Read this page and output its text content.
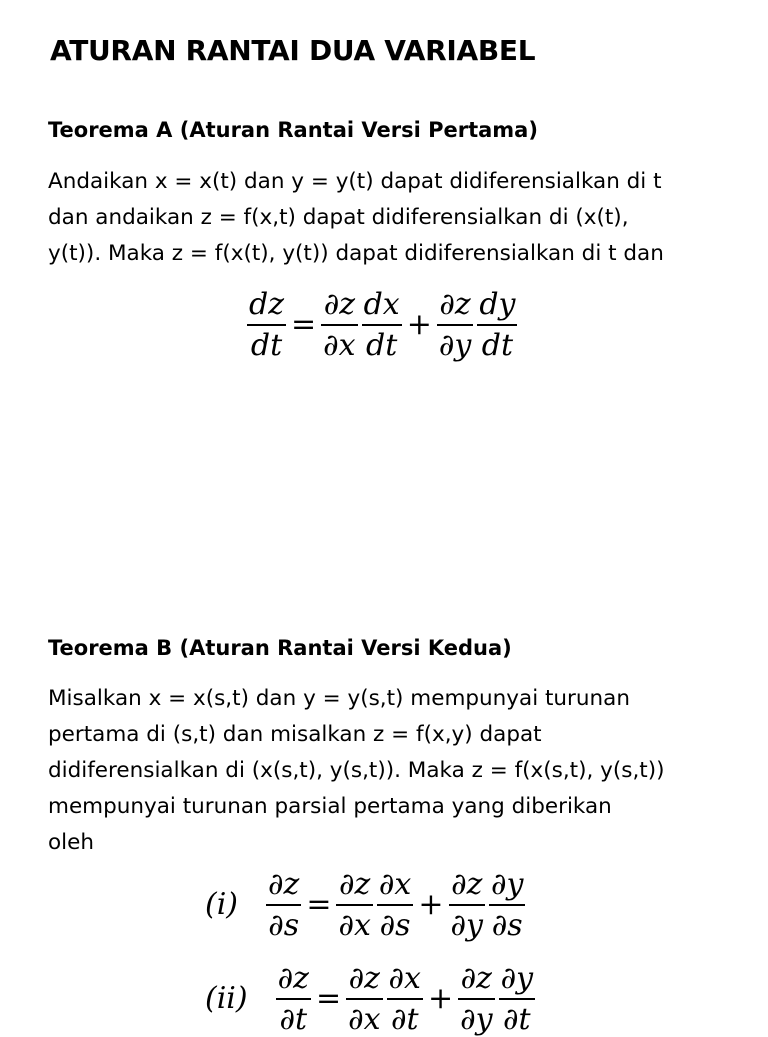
ATURAN RANTAI DUA VARIABEL
Teorema A (Aturan Rantai Versi Pertama)
Andaikan x = x(t) dan y = y(t) dapat didiferensialkan di t
dan andaikan z = f(x,t) dapat didiferensialkan di (x(t),
y(t)). Maka z = f(x(t), y(t)) dapat didiferensialkan di t dan
$\frac{dz}{dt} = \frac{\partial z}{\partial x} \frac{dx}{dt} + \frac{\partial z}{\partial y} \frac{dy}{dt}$
Teorema B (Aturan Rantai Versi Kedua)
Misalkan x = x(s,t) dan y = y(s,t) mempunyai turunan
pertama di (s,t) dan misalkan z = f(x,y) dapat
didiferensialkan di (x(s,t), y(s,t)). Maka z = f(x(s,t), y(s,t))
mempunyai turunan parsial pertama yang diberikan
oleh
$(i) \frac{\partial z}{\partial s} = \frac{\partial z}{\partial x} \frac{\partial x}{\partial s} + \frac{\partial z}{\partial y} \frac{\partial y}{\partial s}$
$(ii) \frac{\partial z}{\partial t} = \frac{\partial z}{\partial x} \frac{\partial x}{\partial t} + \frac{\partial z}{\partial y} \frac{\partial y}{\partial t}$
